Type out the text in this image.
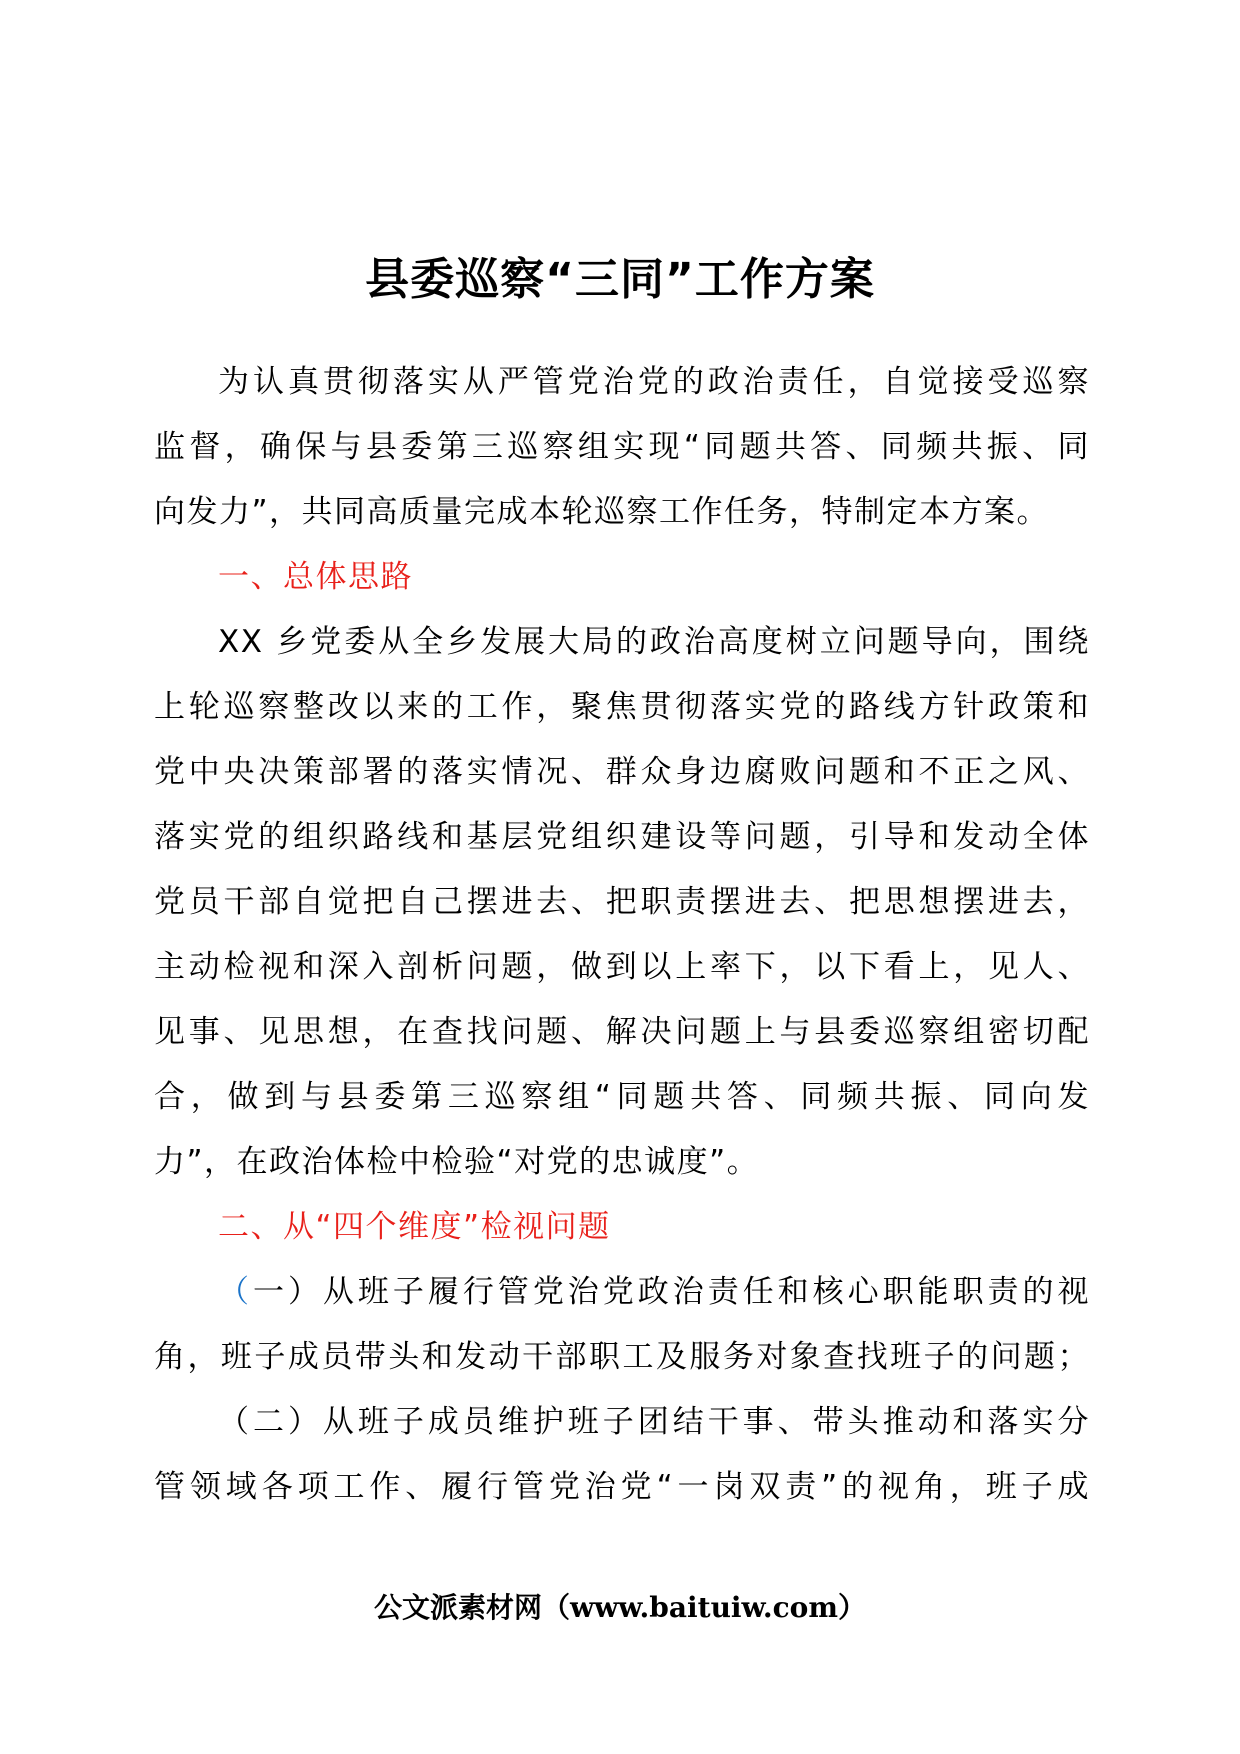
县委巡察“三同”工作方案
为认真贯彻落实从严管党治党的政治责任，自觉接受巡察
监督，确保与县委第三巡察组实现“同题共答、同频共振、同
向发力”，共同高质量完成本轮巡察工作任务，特制定本方案。
一、总体思路
XX 乡党委从全乡发展大局的政治高度树立问题导向，围绕
上轮巡察整改以来的工作，聚焦贯彻落实党的路线方针政策和
党中央决策部署的落实情况、群众身边腐败问题和不正之风、
落实党的组织路线和基层党组织建设等问题，引导和发动全体
党员干部自觉把自己摆进去、把职责摆进去、把思想摆进去，
主动检视和深入剖析问题，做到以上率下，以下看上，见人、
见事、见思想，在查找问题、解决问题上与县委巡察组密切配
合，做到与县委第三巡察组“同题共答、同频共振、同向发
力”，在政治体检中检验“对党的忠诚度”。
二、从“四个维度”检视问题
（一）从班子履行管党治党政治责任和核心职能职责的视
角，班子成员带头和发动干部职工及服务对象查找班子的问题；
（二）从班子成员维护班子团结干事、带头推动和落实分
管领域各项工作、履行管党治党“一岗双责”的视角，班子成
公文派素材网（www.baituiw.com）
